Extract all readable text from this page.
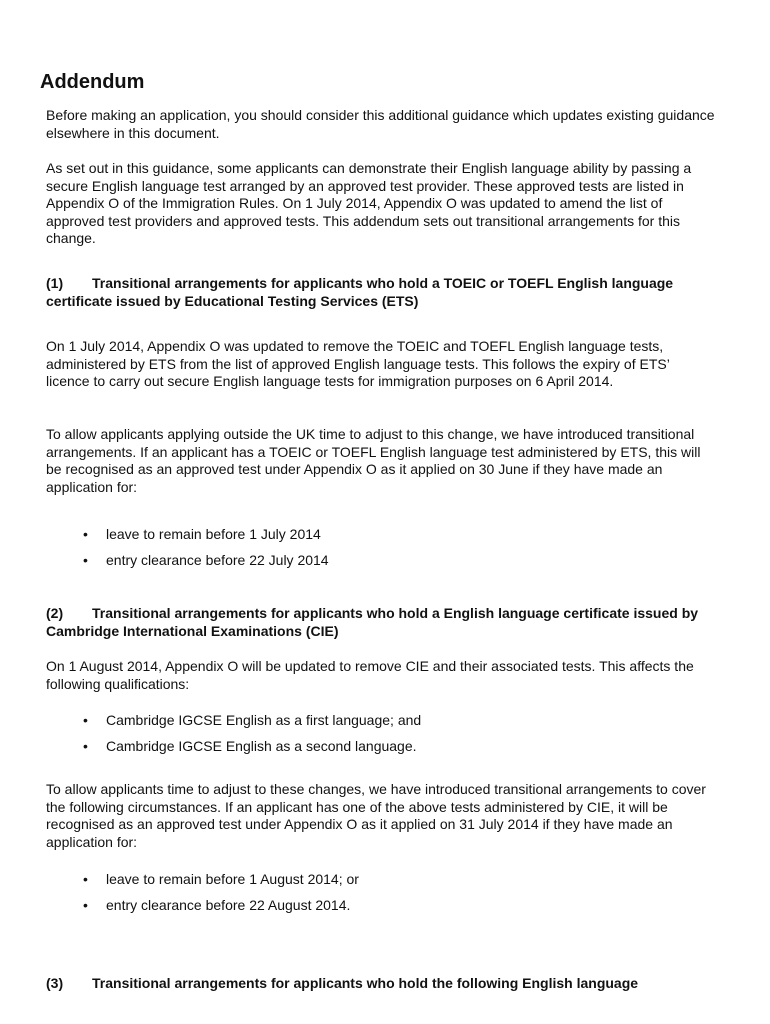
Addendum

Before making an application, you should consider this additional guidance which updates existing guidance elsewhere in this document.

As set out in this guidance, some applicants can demonstrate their English language ability by passing a secure English language test arranged by an approved test provider. These approved tests are listed in Appendix O of the Immigration Rules. On 1 July 2014, Appendix O was updated to amend the list of approved test providers and approved tests. This addendum sets out transitional arrangements for this change.

(1) Transitional arrangements for applicants who hold a TOEIC or TOEFL English language certificate issued by Educational Testing Services (ETS)

On 1 July 2014, Appendix O was updated to remove the TOEIC and TOEFL English language tests, administered by ETS from the list of approved English language tests. This follows the expiry of ETS’ licence to carry out secure English language tests for immigration purposes on 6 April 2014.

To allow applicants applying outside the UK time to adjust to this change, we have introduced transitional arrangements. If an applicant has a TOEIC or TOEFL English language test administered by ETS, this will be recognised as an approved test under Appendix O as it applied on 30 June if they have made an application for:

• leave to remain before 1 July 2014
• entry clearance before 22 July 2014
(2) Transitional arrangements for applicants who hold a English language certificate issued by Cambridge International Examinations (CIE)

On 1 August 2014, Appendix O will be updated to remove CIE and their associated tests. This affects the following qualifications:

• Cambridge IGCSE English as a first language; and
• Cambridge IGCSE English as a second language.

To allow applicants time to adjust to these changes, we have introduced transitional arrangements to cover the following circumstances. If an applicant has one of the above tests administered by CIE, it will be recognised as an approved test under Appendix O as it applied on 31 July 2014 if they have made an application for:

• leave to remain before 1 August 2014; or
• entry clearance before 22 August 2014.
(3) Transitional arrangements for applicants who hold the following English language
